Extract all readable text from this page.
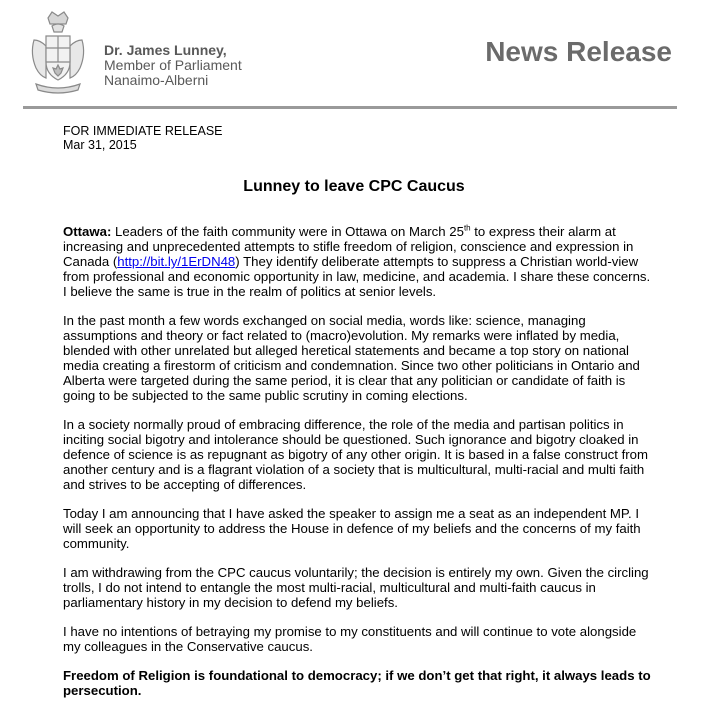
Dr. James Lunney,
Member of Parliament
Nanaimo-Alberni
News Release
FOR IMMEDIATE RELEASE
Mar 31, 2015
Lunney to leave CPC Caucus

Ottawa: Leaders of the faith community were in Ottawa on March 25th to express their alarm at increasing and unprecedented attempts to stifle freedom of religion, conscience and expression in Canada (http://bit.ly/1ErDN48) They identify deliberate attempts to suppress a Christian world-view from professional and economic opportunity in law, medicine, and academia. I share these concerns. I believe the same is true in the realm of politics at senior levels.

In the past month a few words exchanged on social media, words like: science, managing assumptions and theory or fact related to (macro)evolution. My remarks were inflated by media, blended with other unrelated but alleged heretical statements and became a top story on national media creating a firestorm of criticism and condemnation. Since two other politicians in Ontario and Alberta were targeted during the same period, it is clear that any politician or candidate of faith is going to be subjected to the same public scrutiny in coming elections.

In a society normally proud of embracing difference, the role of the media and partisan politics in inciting social bigotry and intolerance should be questioned. Such ignorance and bigotry cloaked in defence of science is as repugnant as bigotry of any other origin. It is based in a false construct from another century and is a flagrant violation of a society that is multicultural, multi-racial and multi faith and strives to be accepting of differences.

Today I am announcing that I have asked the speaker to assign me a seat as an independent MP. I will seek an opportunity to address the House in defence of my beliefs and the concerns of my faith community.

I am withdrawing from the CPC caucus voluntarily; the decision is entirely my own. Given the circling trolls, I do not intend to entangle the most multi-racial, multicultural and multi-faith caucus in parliamentary history in my decision to defend my beliefs.

I have no intentions of betraying my promise to my constituents and will continue to vote alongside my colleagues in the Conservative caucus.

Freedom of Religion is foundational to democracy; if we don’t get that right, it always leads to persecution.
